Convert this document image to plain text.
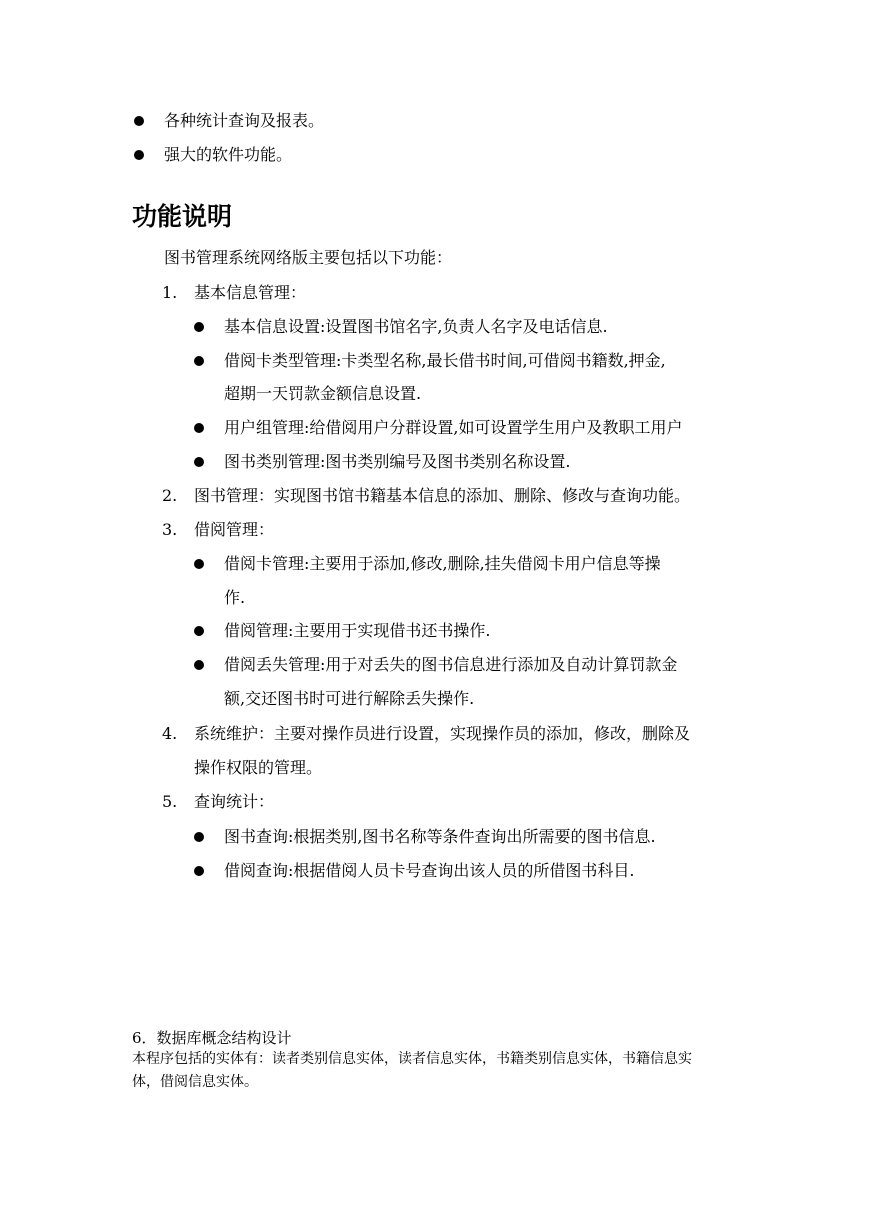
各种统计查询及报表。
强大的软件功能。
功能说明
图书管理系统网络版主要包括以下功能：
1. 基本信息管理：
基本信息设置:设置图书馆名字,负责人名字及电话信息.
借阅卡类型管理:卡类型名称,最长借书时间,可借阅书籍数,押金,
超期一天罚款金额信息设置.
用户组管理:给借阅用户分群设置,如可设置学生用户及教职工用户
图书类别管理:图书类别编号及图书类别名称设置.
2. 图书管理：实现图书馆书籍基本信息的添加、删除、修改与查询功能。
3. 借阅管理：
借阅卡管理:主要用于添加,修改,删除,挂失借阅卡用户信息等操
作.
借阅管理:主要用于实现借书还书操作.
借阅丢失管理:用于对丢失的图书信息进行添加及自动计算罚款金
额,交还图书时可进行解除丢失操作.
4. 系统维护：主要对操作员进行设置，实现操作员的添加，修改，删除及
操作权限的管理。
5. 查询统计：
图书查询:根据类别,图书名称等条件查询出所需要的图书信息.
借阅查询:根据借阅人员卡号查询出该人员的所借图书科目.
6．数据库概念结构设计
本程序包括的实体有：读者类别信息实体，读者信息实体，书籍类别信息实体，书籍信息实
体，借阅信息实体。
